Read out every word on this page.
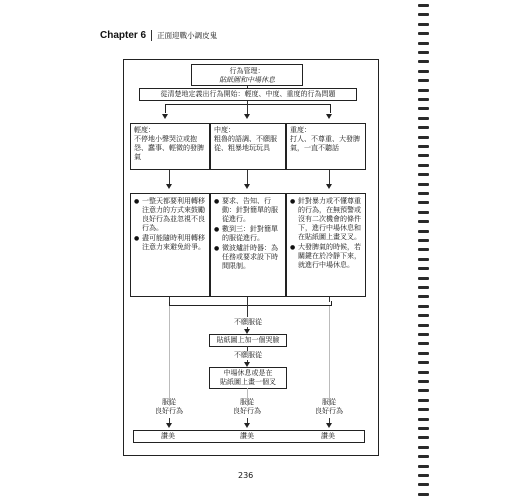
Chapter 6 正面迎戰小調皮鬼
行為管理：
貼紙圖和中場休息
從清楚地定義出行為開始：輕度、中度、重度的行為問題
輕度：
不停地小聲哭泣或抱怨、蠢事、輕微的發脾氣
中度：
粗魯的語調、不願服從、粗暴地玩玩具
重度：
打人、不尊重、大發脾氣，一直不聽話
● 一整天都要利用轉移注意力的方式來鼓勵良好行為並忽視不良行為。
● 盡可能隨時利用轉移注意力來避免紛爭。
● 要求、告知、行動：針對簡單的服從進行。
● 數到三：針對簡單的服從進行。
● 微波爐計時器：為任務或要求設下時間限制。
● 針對暴力或不懂尊重的行為，在無預警或沒有二次機會的條件下，進行中場休息和在貼紙圖上畫叉叉。
● 大發脾氣的時候，若關鍵在於冷靜下來，就進行中場休息。
不願服從
貼紙圖上加一個哭臉
不願服從
中場休息或是在
貼紙圖上畫一個叉
服從
良好行為
服從
良好行為
服從
良好行為
讚美	讚美	讚美
236
